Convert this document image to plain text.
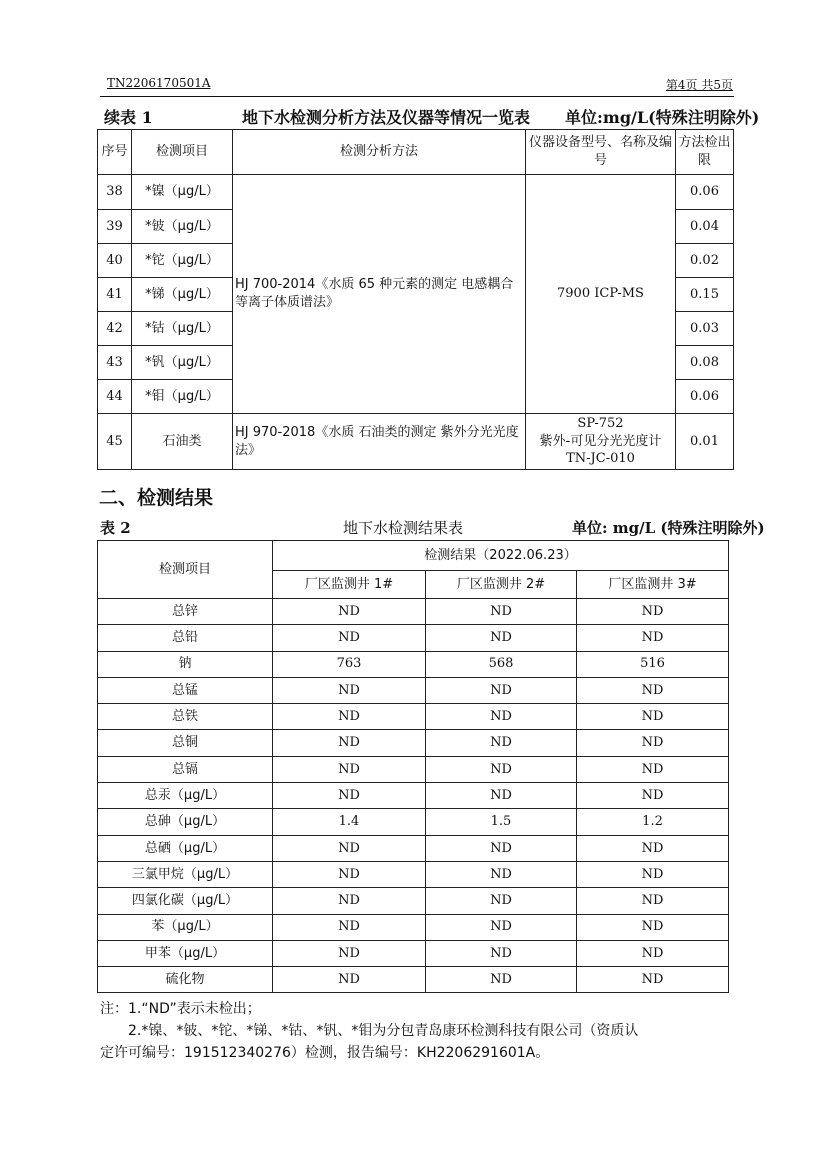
TN2206170501A	第4页 共5页
续表 1	地下水检测分析方法及仪器等情况一览表 单位:mg/L(特殊注明除外)
序号	检测项目	检测分析方法	仪器设备型号、名称及编号	方法检出限
38	*镍（μg/L）	HJ 700-2014《水质 65 种元素的测定 电感耦合等离子体质谱法》	7900 ICP-MS	0.06
39	*铍（μg/L）			0.04
40	*铊（μg/L）			0.02
41	*锑（μg/L）			0.15
42	*钴（μg/L）			0.03
43	*钒（μg/L）			0.08
44	*钼（μg/L）			0.06
45	石油类	HJ 970-2018《水质 石油类的测定 紫外分光光度法》	SP-752
紫外-可见分光光度计
TN-JC-010	0.01
二、检测结果
表 2	地下水检测结果表	单位: mg/L (特殊注明除外)
检测项目	检测结果（2022.06.23）		
	厂区监测井 1#	厂区监测井 2#	厂区监测井 3#
总锌	ND	ND	ND
总铅	ND	ND	ND
钠	763	568	516
总锰	ND	ND	ND
总铁	ND	ND	ND
总铜	ND	ND	ND
总镉	ND	ND	ND
总汞（μg/L）	ND	ND	ND
总砷（μg/L）	1.4	1.5	1.2
总硒（μg/L）	ND	ND	ND
三氯甲烷（μg/L）	ND	ND	ND
四氯化碳（μg/L）	ND	ND	ND
苯（μg/L）	ND	ND	ND
甲苯（μg/L）	ND	ND	ND
硫化物	ND	ND	ND
注：1.“ND”表示未检出；
　　2.*镍、*铍、*铊、*锑、*钴、*钒、*钼为分包青岛康环检测科技有限公司（资质认
定许可编号：191512340276）检测，报告编号：KH2206291601A。
